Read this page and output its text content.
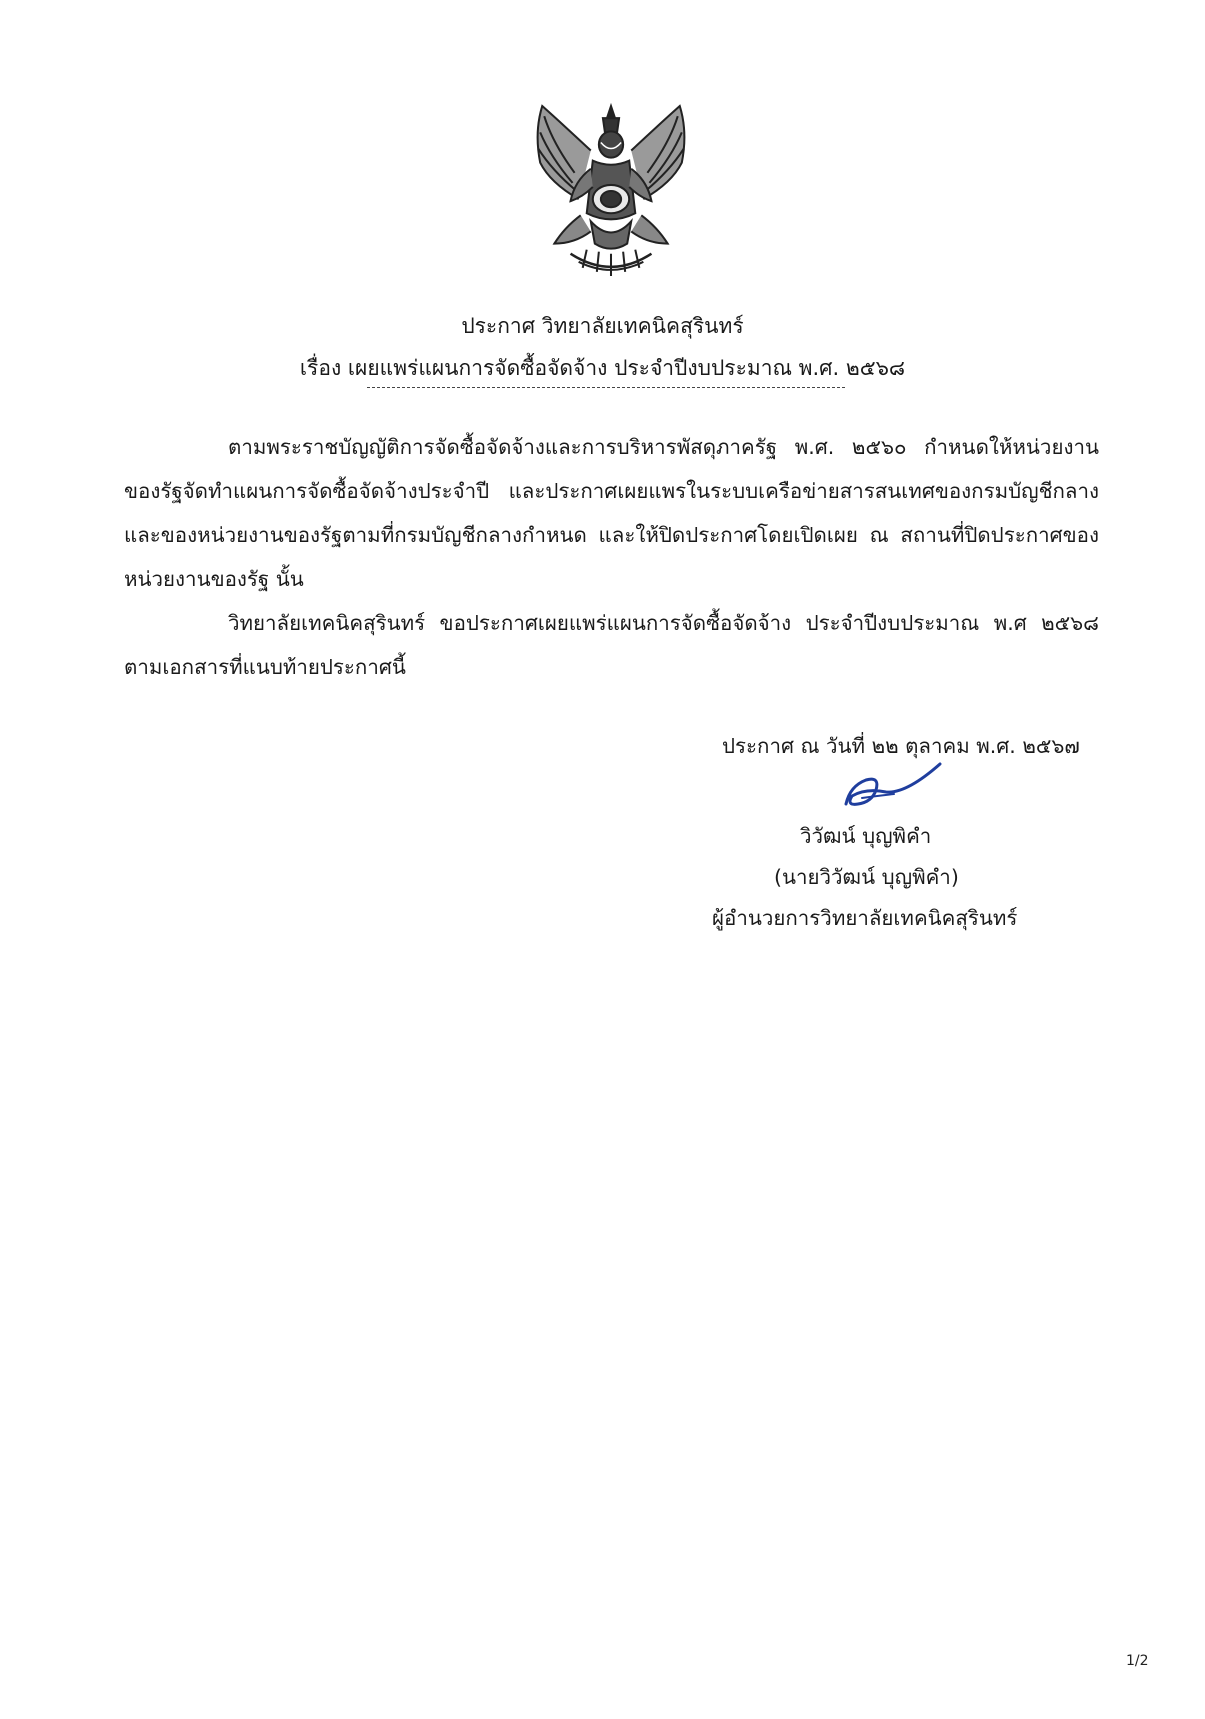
ประกาศ วิทยาลัยเทคนิคสุรินทร์
เรื่อง เผยแพร่แผนการจัดซื้อจัดจ้าง ประจำปีงบประมาณ พ.ศ. ๒๕๖๘
ตามพระราชบัญญัติการจัดซื้อจัดจ้างและการบริหารพัสดุภาครัฐ พ.ศ. ๒๕๖๐ กำหนดให้หน่วยงานของรัฐจัดทำแผนการจัดซื้อจัดจ้างประจำปี และประกาศเผยแพรในระบบเครือข่ายสารสนเทศของกรมบัญชีกลางและของหน่วยงานของรัฐตามที่กรมบัญชีกลางกำหนด และให้ปิดประกาศโดยเปิดเผย ณ สถานที่ปิดประกาศของหน่วยงานของรัฐ นั้น
วิทยาลัยเทคนิคสุรินทร์ ขอประกาศเผยแพร่แผนการจัดซื้อจัดจ้าง ประจำปีงบประมาณ พ.ศ ๒๕๖๘ ตามเอกสารที่แนบท้ายประกาศนี้
ประกาศ ณ วันที่ ๒๒ ตุลาคม พ.ศ. ๒๕๖๗
วิวัฒน์ บุญพิคำ
(นายวิวัฒน์ บุญพิคำ)
ผู้อำนวยการวิทยาลัยเทคนิคสุรินทร์
1/2
